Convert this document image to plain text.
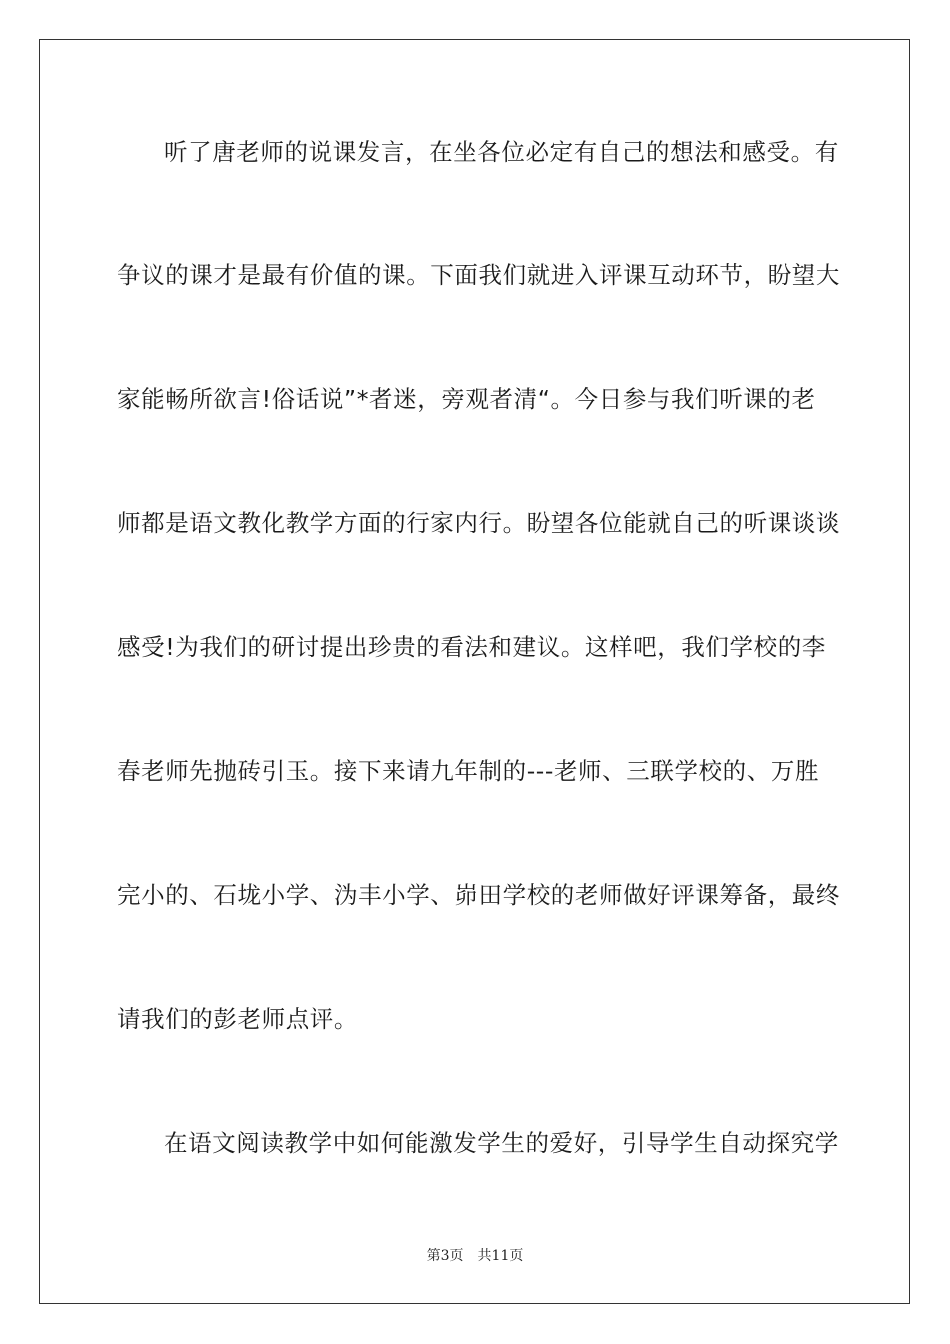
听了唐老师的说课发言，在坐各位必定有自己的想法和感受。有
争议的课才是最有价值的课。下面我们就进入评课互动环节，盼望大
家能畅所欲言!俗话说”*者迷，旁观者清“。今日参与我们听课的老
师都是语文教化教学方面的行家内行。盼望各位能就自己的听课谈谈
感受!为我们的研讨提出珍贵的看法和建议。这样吧，我们学校的李
春老师先抛砖引玉。接下来请九年制的---老师、三联学校的、万胜
完小的、石垅小学、沩丰小学、峁田学校的老师做好评课筹备，最终
请我们的彭老师点评。
在语文阅读教学中如何能激发学生的爱好，引导学生自动探究学
第3页 共11页
